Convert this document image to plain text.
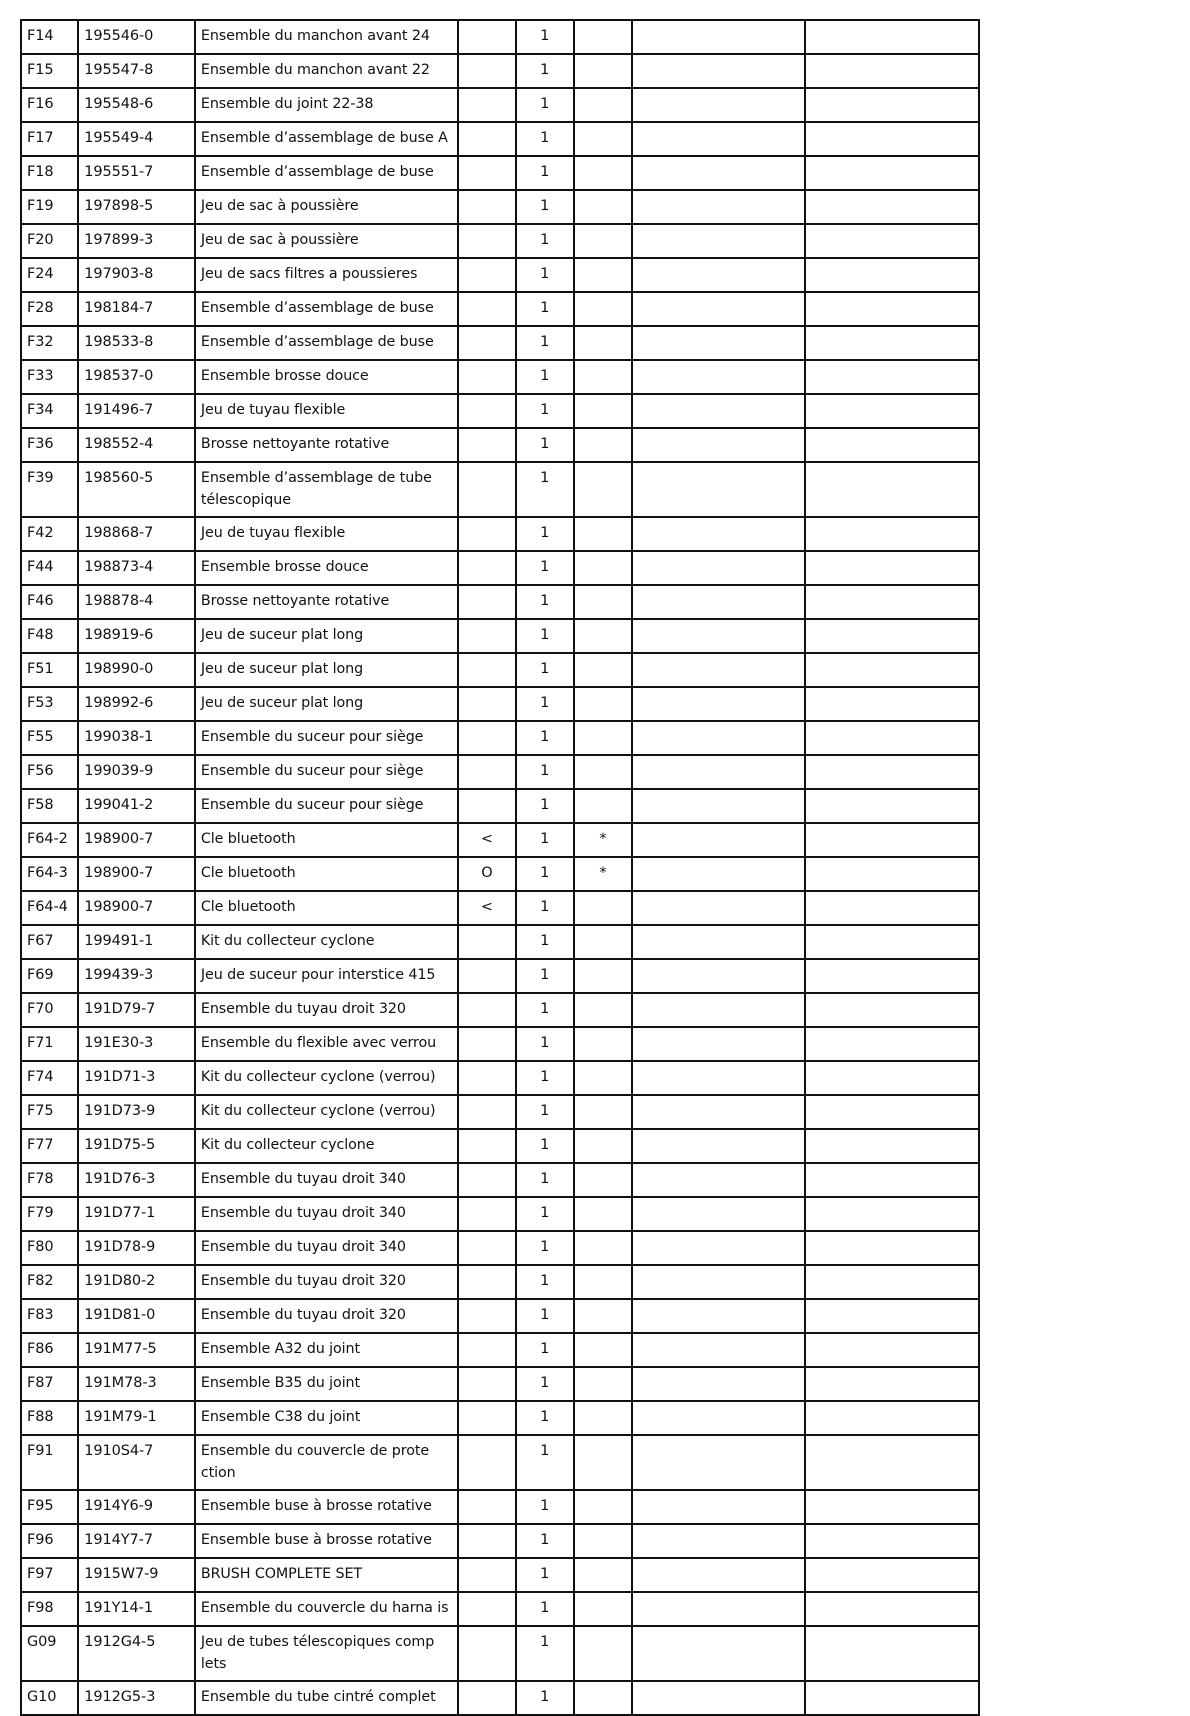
F14	195546-0	Ensemble du manchon avant 24		1			
F15	195547-8	Ensemble du manchon avant 22		1			
F16	195548-6	Ensemble du joint 22-38		1			
F17	195549-4	Ensemble d’assemblage de buse A		1			
F18	195551-7	Ensemble d’assemblage de buse		1			
F19	197898-5	Jeu de sac à poussière		1			
F20	197899-3	Jeu de sac à poussière		1			
F24	197903-8	Jeu de sacs filtres a poussieres		1			
F28	198184-7	Ensemble d’assemblage de buse		1			
F32	198533-8	Ensemble d’assemblage de buse		1			
F33	198537-0	Ensemble brosse douce		1			
F34	191496-7	Jeu de tuyau flexible		1			
F36	198552-4	Brosse nettoyante rotative		1			
F39	198560-5	Ensemble d’assemblage de tube télescopique		1			
F42	198868-7	Jeu de tuyau flexible		1			
F44	198873-4	Ensemble brosse douce		1			
F46	198878-4	Brosse nettoyante rotative		1			
F48	198919-6	Jeu de suceur plat long		1			
F51	198990-0	Jeu de suceur plat long		1			
F53	198992-6	Jeu de suceur plat long		1			
F55	199038-1	Ensemble du suceur pour siège		1			
F56	199039-9	Ensemble du suceur pour siège		1			
F58	199041-2	Ensemble du suceur pour siège		1			
F64-2	198900-7	Cle bluetooth	<	1	*		
F64-3	198900-7	Cle bluetooth	O	1	*		
F64-4	198900-7	Cle bluetooth	<	1			
F67	199491-1	Kit du collecteur cyclone		1			
F69	199439-3	Jeu de suceur pour interstice 415		1			
F70	191D79-7	Ensemble du tuyau droit 320		1			
F71	191E30-3	Ensemble du flexible avec verrou		1			
F74	191D71-3	Kit du collecteur cyclone (verrou)		1			
F75	191D73-9	Kit du collecteur cyclone (verrou)		1			
F77	191D75-5	Kit du collecteur cyclone		1			
F78	191D76-3	Ensemble du tuyau droit 340		1			
F79	191D77-1	Ensemble du tuyau droit 340		1			
F80	191D78-9	Ensemble du tuyau droit 340		1			
F82	191D80-2	Ensemble du tuyau droit 320		1			
F83	191D81-0	Ensemble du tuyau droit 320		1			
F86	191M77-5	Ensemble A32 du joint		1			
F87	191M78-3	Ensemble B35 du joint		1			
F88	191M79-1	Ensemble C38 du joint		1			
F91	1910S4-7	Ensemble du couvercle de prote ction		1			
F95	1914Y6-9	Ensemble buse à brosse rotative		1			
F96	1914Y7-7	Ensemble buse à brosse rotative		1			
F97	1915W7-9	BRUSH COMPLETE SET		1			
F98	191Y14-1	Ensemble du couvercle du harna is		1			
G09	1912G4-5	Jeu de tubes télescopiques comp lets		1			
G10	1912G5-3	Ensemble du tube cintré complet		1			
